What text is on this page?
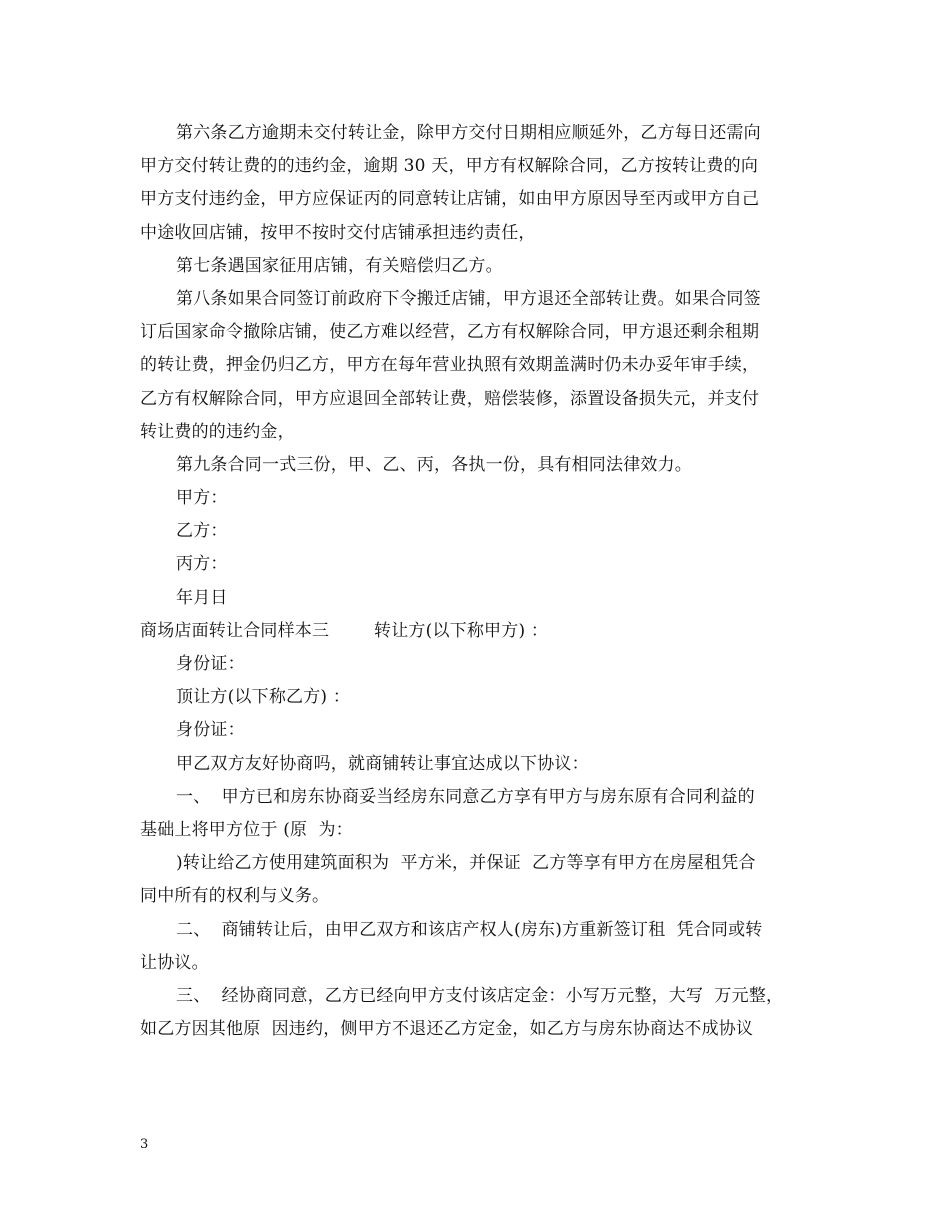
第六条乙方逾期未交付转让金，除甲方交付日期相应顺延外，乙方每日还需向
甲方交付转让费的的违约金，逾期 30 天，甲方有权解除合同，乙方按转让费的向
甲方支付违约金，甲方应保证丙的同意转让店铺，如由甲方原因导至丙或甲方自己
中途收回店铺，按甲不按时交付店铺承担违约责任，
第七条遇国家征用店铺，有关赔偿归乙方。
第八条如果合同签订前政府下令搬迁店铺，甲方退还全部转让费。如果合同签
订后国家命令撤除店铺，使乙方难以经营，乙方有权解除合同，甲方退还剩余租期
的转让费，押金仍归乙方，甲方在每年营业执照有效期盖满时仍未办妥年审手续，
乙方有权解除合同，甲方应退回全部转让费，赔偿装修，添置设备损失元，并支付
转让费的的违约金，
第九条合同一式三份，甲、乙、丙，各执一份，具有相同法律效力。
甲方：
乙方：
丙方：
年月日
商场店面转让合同样本三        转让方(以下称甲方) ：
身份证：
顶让方(以下称乙方) ：
身份证：
甲乙双方友好协商吗，就商铺转让事宜达成以下协议：
一、  甲方已和房东协商妥当经房东同意乙方享有甲方与房东原有合同利益的
基础上将甲方位于 (原  为：
)转让给乙方使用建筑面积为  平方米，并保证  乙方等享有甲方在房屋租凭合
同中所有的权利与义务。
二、  商铺转让后，由甲乙双方和该店产权人(房东)方重新签订租  凭合同或转
让协议。
三、  经协商同意，乙方已经向甲方支付该店定金：小写万元整，大写  万元整，
如乙方因其他原  因违约，侧甲方不退还乙方定金，如乙方与房东协商达不成协议
3
